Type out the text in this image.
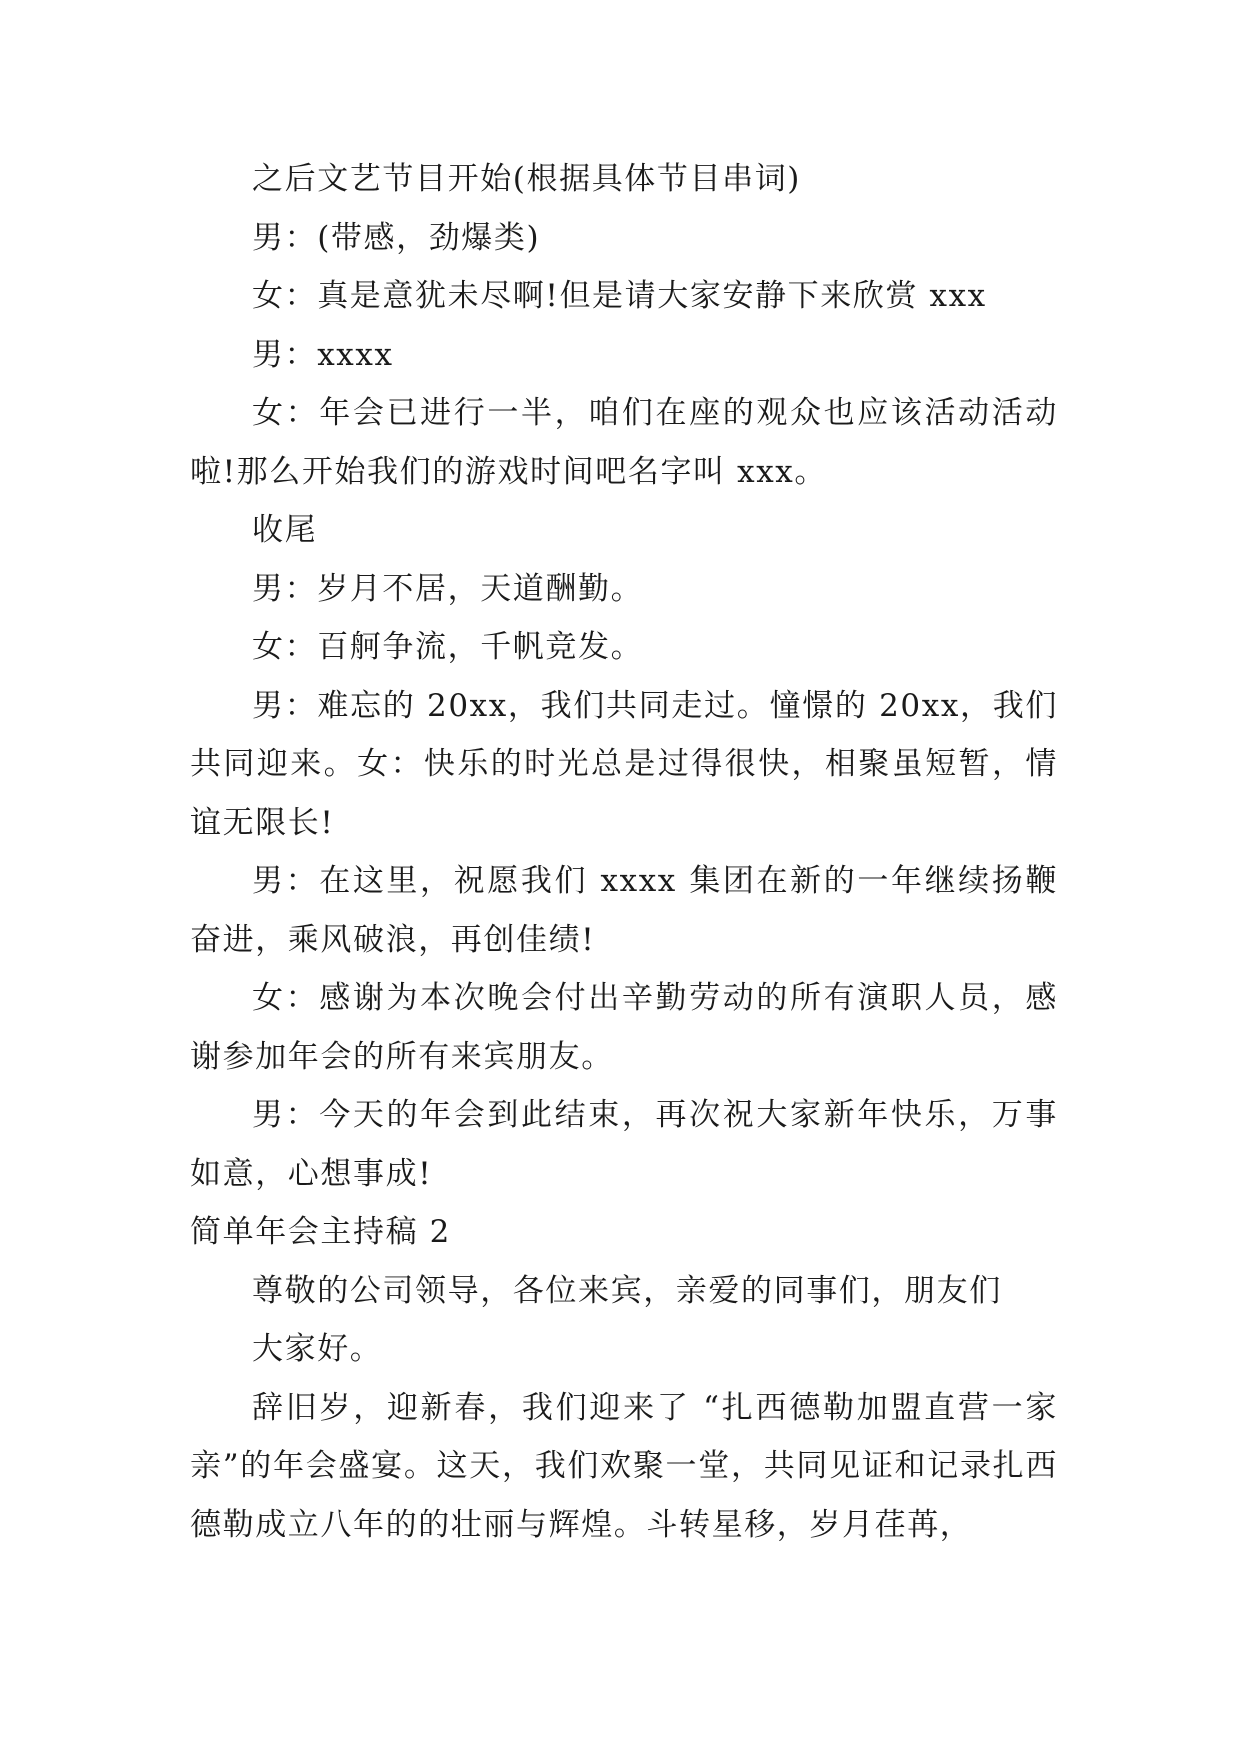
之后文艺节目开始(根据具体节目串词)

男：(带感，劲爆类)

女：真是意犹未尽啊!但是请大家安静下来欣赏 xxx

男：xxxx

女：年会已进行一半，咱们在座的观众也应该活动活动啦!那么开始我们的游戏时间吧名字叫 xxx。

收尾

男：岁月不居，天道酬勤。

女：百舸争流，千帆竞发。

男：难忘的 20xx，我们共同走过。憧憬的 20xx，我们共同迎来。女：快乐的时光总是过得很快，相聚虽短暂，情谊无限长!

男：在这里，祝愿我们 xxxx 集团在新的一年继续扬鞭奋进，乘风破浪，再创佳绩!

女：感谢为本次晚会付出辛勤劳动的所有演职人员，感谢参加年会的所有来宾朋友。

男：今天的年会到此结束，再次祝大家新年快乐，万事如意，心想事成!

简单年会主持稿 2

尊敬的公司领导，各位来宾，亲爱的同事们，朋友们

大家好。

辞旧岁，迎新春，我们迎来了 “扎西德勒加盟直营一家亲”的年会盛宴。这天，我们欢聚一堂，共同见证和记录扎西德勒成立八年的的壮丽与辉煌。斗转星移，岁月荏苒，
